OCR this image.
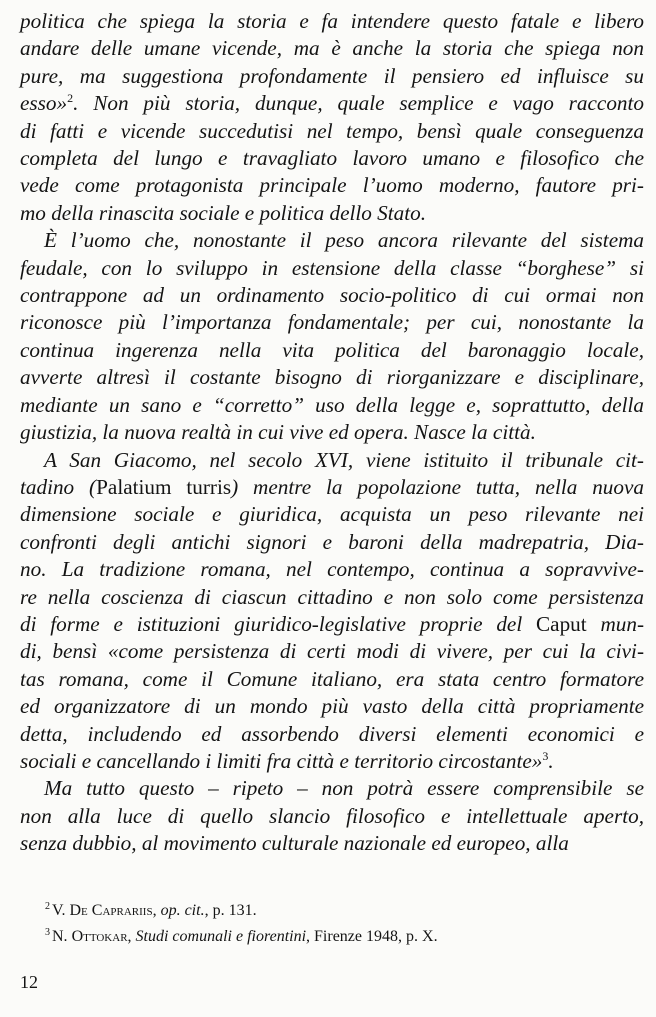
politica che spiega la storia e fa intendere questo fatale e libero
andare delle umane vicende, ma è anche la storia che spiega non
pure, ma suggestiona profondamente il pensiero ed influisce su
esso»$^2$. Non più storia, dunque, quale semplice e vago racconto
di fatti e vicende succedutisi nel tempo, bensì quale conseguenza
completa del lungo e travagliato lavoro umano e filosofico che
vede come protagonista principale l’uomo moderno, fautore pri-
mo della rinascita sociale e politica dello Stato.
È l’uomo che, nonostante il peso ancora rilevante del sistema
feudale, con lo sviluppo in estensione della classe “borghese” si
contrappone ad un ordinamento socio-politico di cui ormai non
riconosce più l’importanza fondamentale; per cui, nonostante la
continua ingerenza nella vita politica del baronaggio locale,
avverte altresì il costante bisogno di riorganizzare e disciplinare,
mediante un sano e “corretto” uso della legge e, soprattutto, della
giustizia, la nuova realtà in cui vive ed opera. Nasce la città.
A San Giacomo, nel secolo XVI, viene istituito il tribunale cit-
tadino (Palatium turris) mentre la popolazione tutta, nella nuova
dimensione sociale e giuridica, acquista un peso rilevante nei
confronti degli antichi signori e baroni della madrepatria, Dia-
no. La tradizione romana, nel contempo, continua a sopravvive-
re nella coscienza di ciascun cittadino e non solo come persistenza
di forme e istituzioni giuridico-legislative proprie del Caput mun-
di, bensì «come persistenza di certi modi di vivere, per cui la civi-
tas romana, come il Comune italiano, era stata centro formatore
ed organizzatore di un mondo più vasto della città propriamente
detta, includendo ed assorbendo diversi elementi economici e
sociali e cancellando i limiti fra città e territorio circostante»$^3$.
Ma tutto questo – ripeto – non potrà essere comprensibile se
non alla luce di quello slancio filosofico e intellettuale aperto,
senza dubbio, al movimento culturale nazionale ed europeo, alla
$^2$ V. De Caprariis, op. cit., p. 131.
$^3$ N. Ottokar, Studi comunali e fiorentini, Firenze 1948, p. X.
12
